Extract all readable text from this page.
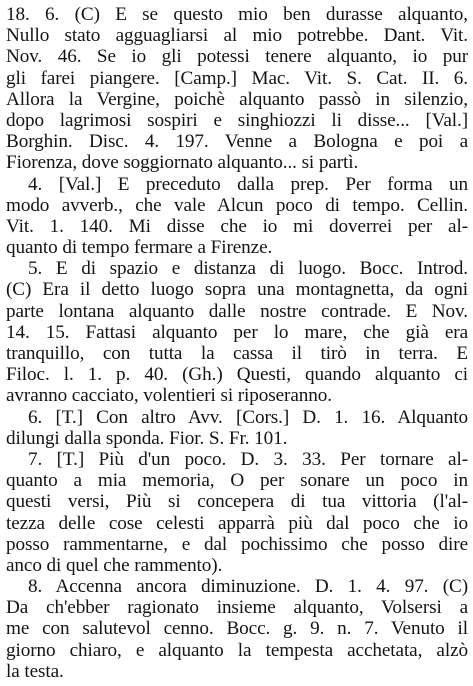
18. 6. (C) E se questo mio ben durasse alquanto,
Nullo stato agguagliarsi al mio potrebbe. Dant. Vit.
Nov. 46. Se io gli potessi tenere alquanto, io pur
gli farei piangere. [Camp.] Mac. Vit. S. Cat. II. 6.
Allora la Vergine, poichè alquanto passò in silenzio,
dopo lagrimosi sospiri e singhiozzi li disse... [Val.]
Borghin. Disc. 4. 197. Venne a Bologna e poi a
Fiorenza, dove soggiornato alquanto... si partì.
4. [Val.] E preceduto dalla prep. Per forma un
modo avverb., che vale Alcun poco di tempo. Cellin.
Vit. 1. 140. Mi disse che io mi doverrei per al-
quanto di tempo fermare a Firenze.
5. E di spazio e distanza di luogo. Bocc. Introd.
(C) Era il detto luogo sopra una montagnetta, da ogni
parte lontana alquanto dalle nostre contrade. E Nov.
14. 15. Fattasi alquanto per lo mare, che già era
tranquillo, con tutta la cassa il tirò in terra. E
Filoc. l. 1. p. 40. (Gh.) Questi, quando alquanto ci
avranno cacciato, volentieri si riposeranno.
6. [T.] Con altro Avv. [Cors.] D. 1. 16. Alquanto
dilungi dalla sponda. Fior. S. Fr. 101.
7. [T.] Più d'un poco. D. 3. 33. Per tornare al-
quanto a mia memoria, O per sonare un poco in
questi versi, Più si concepera di tua vittoria (l'al-
tezza delle cose celesti apparrà più dal poco che io
posso rammentarne, e dal pochissimo che posso dire
anco di quel che rammento).
8. Accenna ancora diminuzione. D. 1. 4. 97. (C)
Da ch'ebber ragionato insieme alquanto, Volsersi a
me con salutevol cenno. Bocc. g. 9. n. 7. Venuto il
giorno chiaro, e alquanto la tempesta acchetata, alzò
la testa.
